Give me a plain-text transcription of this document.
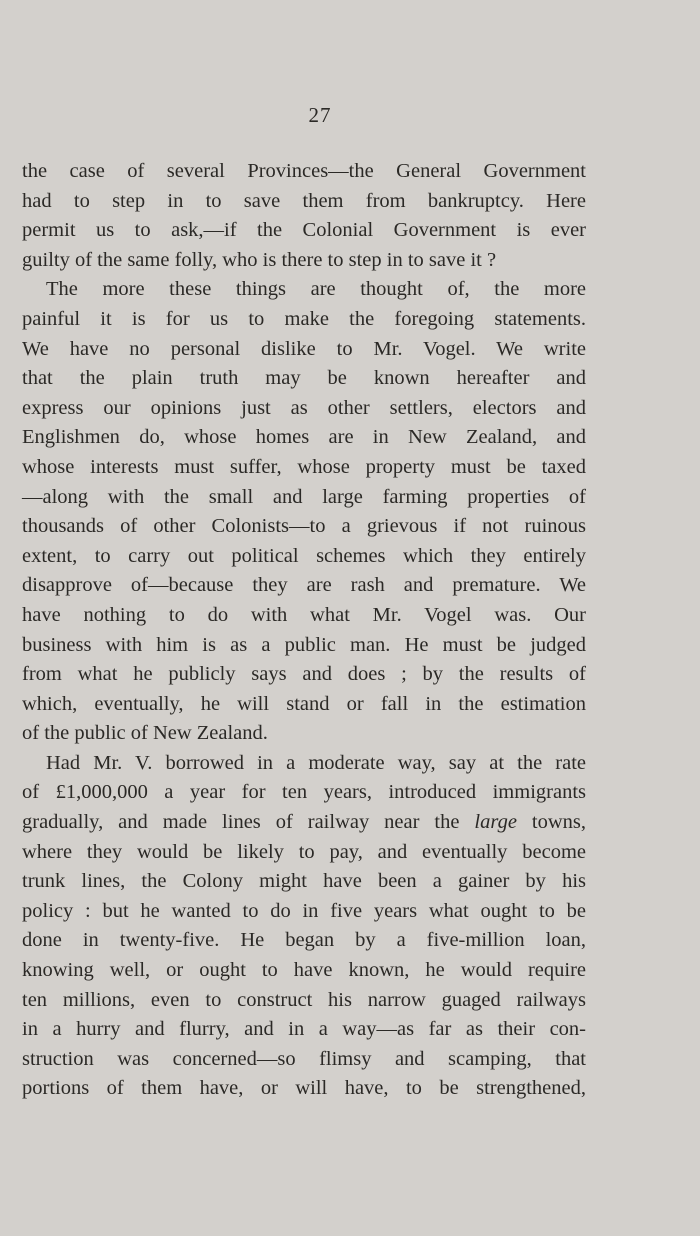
27
the case of several Provinces—the General Government
had to step in to save them from bankruptcy. Here
permit us to ask,—if the Colonial Government is ever
guilty of the same folly, who is there to step in to save it ?
The more these things are thought of, the more
painful it is for us to make the foregoing statements.
We have no personal dislike to Mr. Vogel. We write
that the plain truth may be known hereafter and
express our opinions just as other settlers, electors and
Englishmen do, whose homes are in New Zealand, and
whose interests must suffer, whose property must be taxed
—along with the small and large farming properties of
thousands of other Colonists—to a grievous if not ruinous
extent, to carry out political schemes which they entirely
disapprove of—because they are rash and premature. We
have nothing to do with what Mr. Vogel was. Our
business with him is as a public man. He must be judged
from what he publicly says and does ; by the results of
which, eventually, he will stand or fall in the estimation
of the public of New Zealand.
Had Mr. V. borrowed in a moderate way, say at the rate
of £1,000,000 a year for ten years, introduced immigrants
gradually, and made lines of railway near the large towns,
where they would be likely to pay, and eventually become
trunk lines, the Colony might have been a gainer by his
policy : but he wanted to do in five years what ought to be
done in twenty-five. He began by a five-million loan,
knowing well, or ought to have known, he would require
ten millions, even to construct his narrow guaged railways
in a hurry and flurry, and in a way—as far as their con-
struction was concerned—so flimsy and scamping, that
portions of them have, or will have, to be strengthened,
